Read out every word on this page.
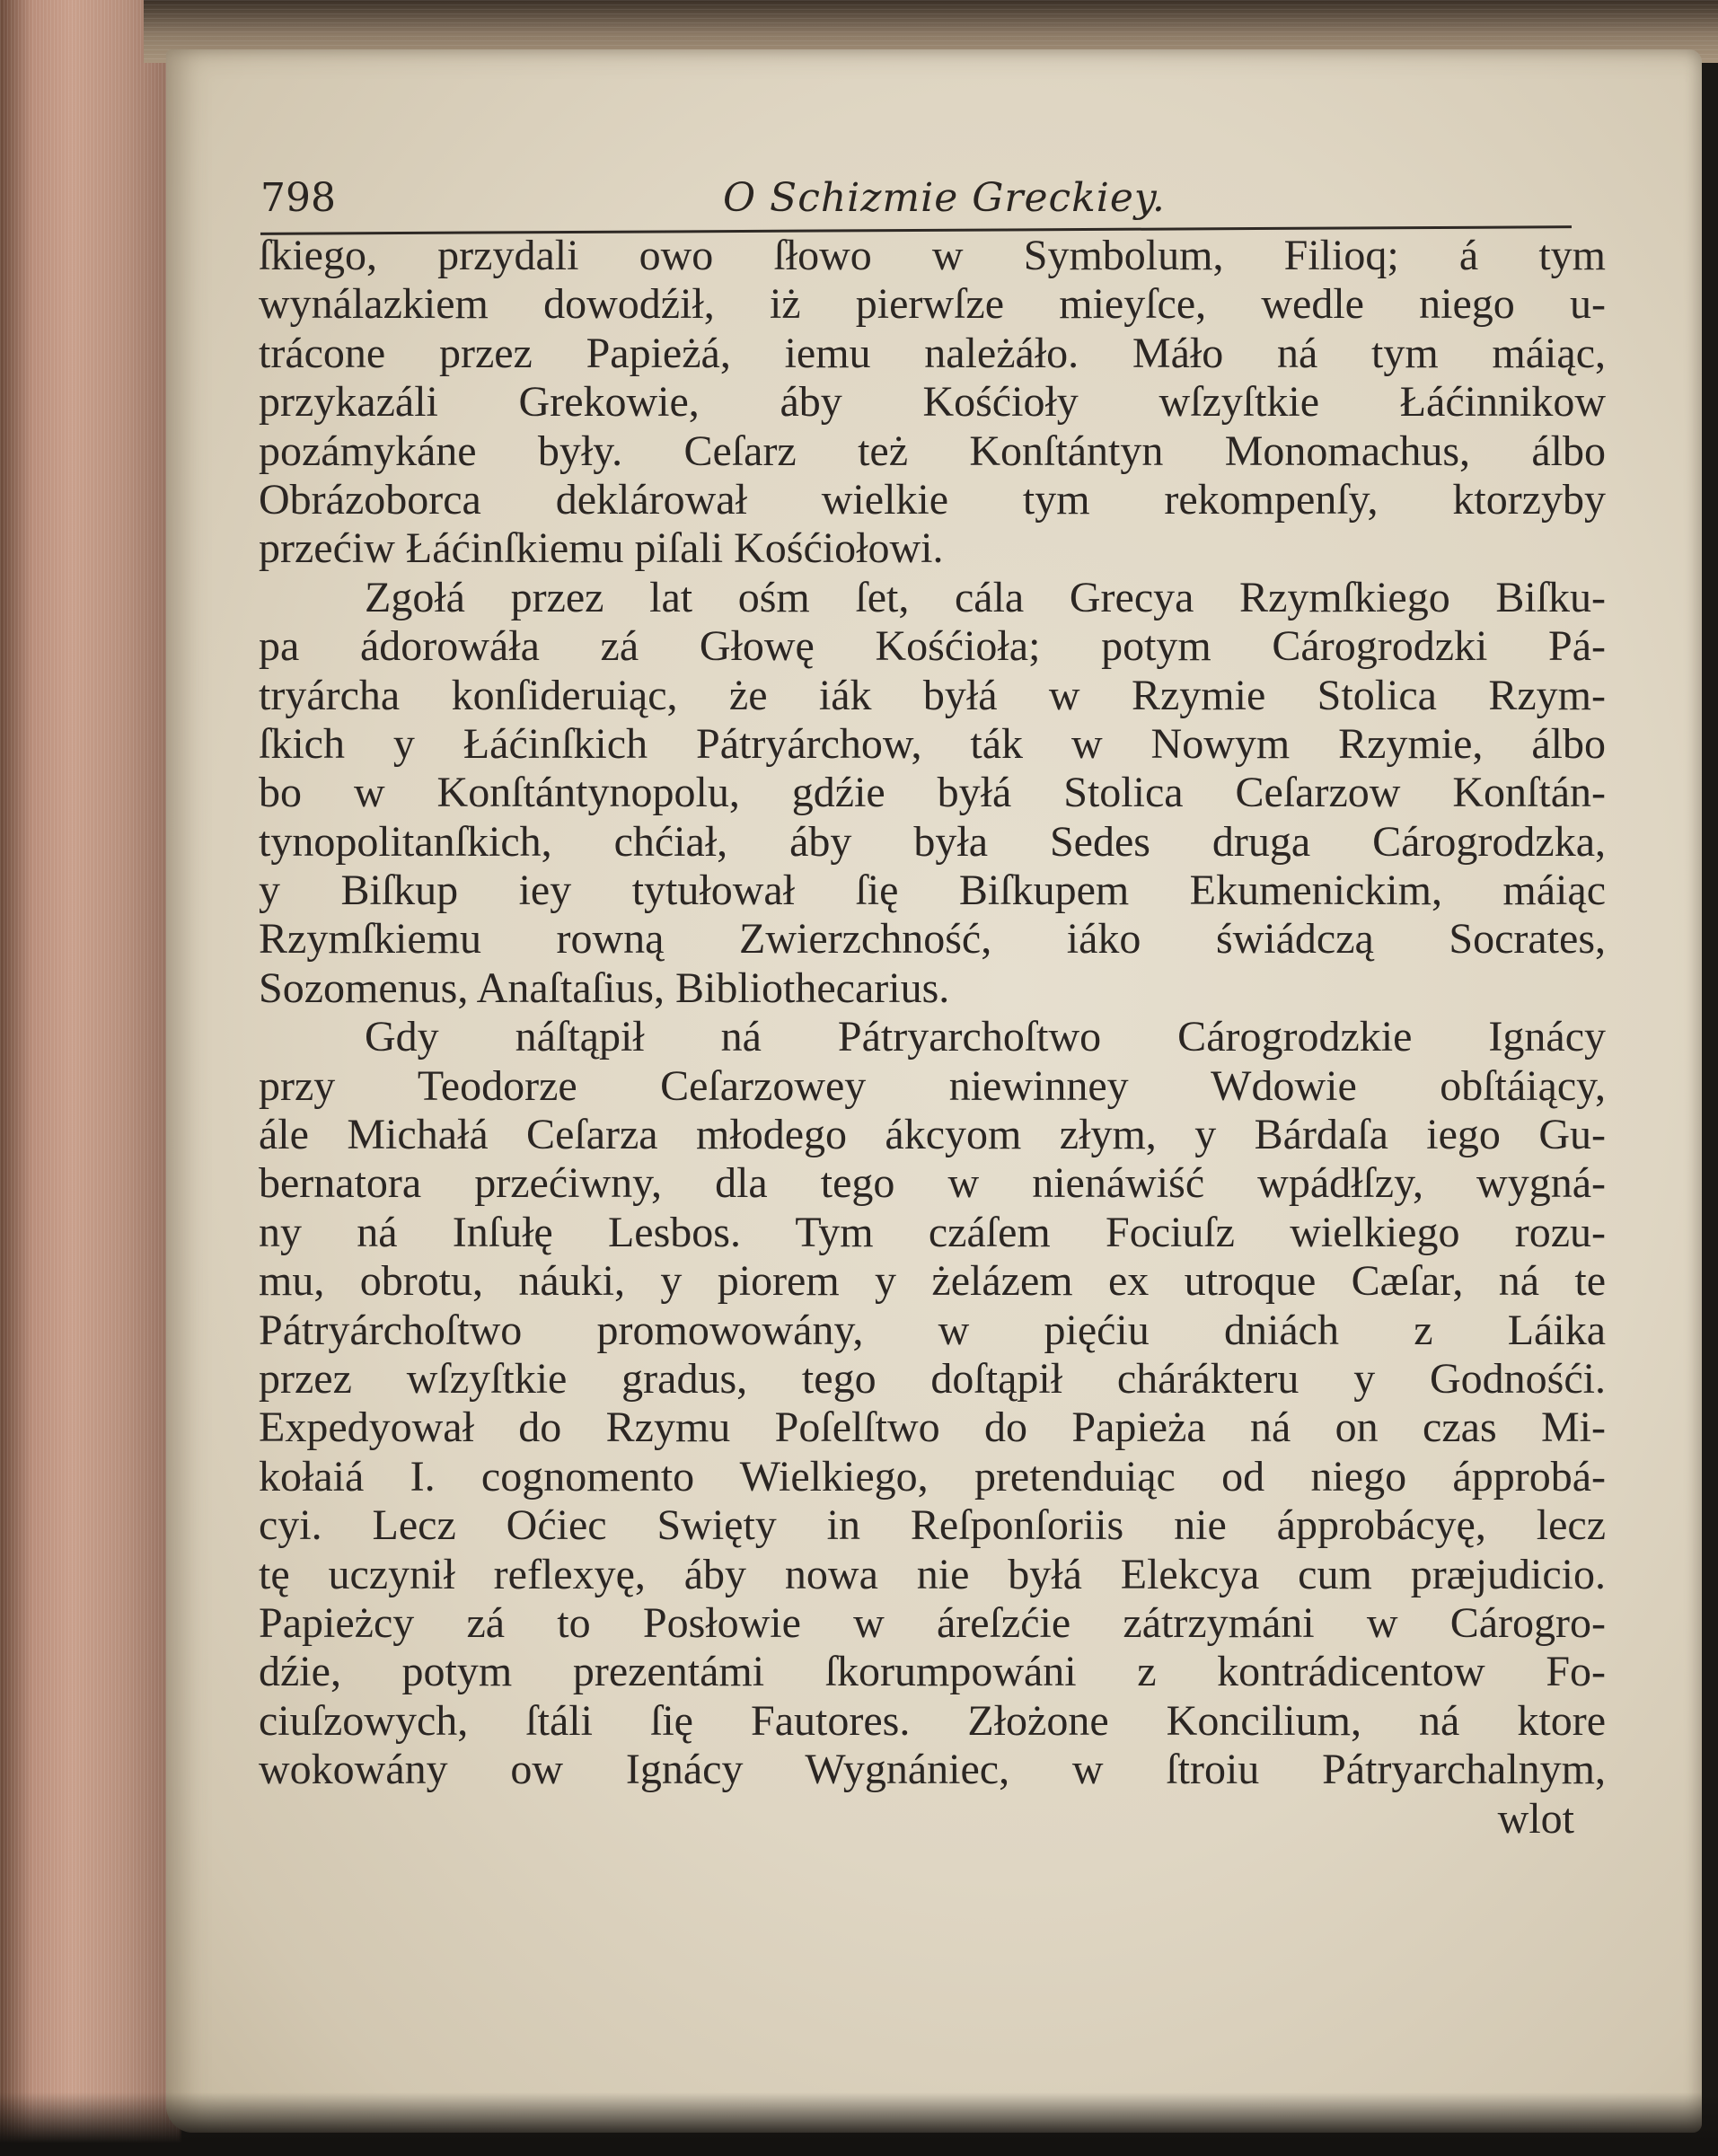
798	O Schizmie Greckiey.
ſkiego, przydali owo ſłowo w Symbolum, Filioq; á tym
wynálazkiem dowodźił, iż pierwſze mieyſce, wedle niego u-
trácone przez Papieżá, iemu należáło. Máło ná tym máiąc,
przykazáli Grekowie, áby Kośćioły wſzyſtkie Łáćinnikow
pozámykáne były. Ceſarz też Konſtántyn Monomachus, álbo
Obrázoborca deklárował wielkie tym rekompenſy, ktorzyby
przećiw Łáćinſkiemu piſali Kośćiołowi.
Zgołá przez lat ośm ſet, cála Grecya Rzymſkiego Biſku-
pa ádorowáła zá Głowę Kośćioła; potym Cárogrodzki Pá-
tryárcha konſideruiąc, że iák byłá w Rzymie Stolica Rzym-
ſkich y Łáćinſkich Pátryárchow, ták w Nowym Rzymie, álbo
bo w Konſtántynopolu, gdźie byłá Stolica Ceſarzow Konſtán-
tynopolitanſkich, chćiał, áby była Sedes druga Cárogrodzka,
y Biſkup iey tytułował ſię Biſkupem Ekumenickim, máiąc
Rzymſkiemu rowną Zwierzchność, iáko świádczą Socrates,
Sozomenus, Anaſtaſius, Bibliothecarius.
Gdy náſtąpił ná Pátryarchoſtwo Cárogrodzkie Ignácy
przy Teodorze Ceſarzowey niewinney Wdowie obſtáiący,
ále Michałá Ceſarza młodego ákcyom złym, y Bárdaſa iego Gu-
bernatora przećiwny, dla tego w nienáwiść wpádłſzy, wygná-
ny ná Inſułę Lesbos. Tym czáſem Fociuſz wielkiego rozu-
mu, obrotu, náuki, y piorem y żelázem ex utroque Cæſar, ná te
Pátryárchoſtwo promowowány, w pięćiu dniách z Láika
przez wſzyſtkie gradus, tego doſtąpił chárákteru y Godnośći.
Expedyował do Rzymu Poſelſtwo do Papieża ná on czas Mi-
kołaiá I. cognomento Wielkiego, pretenduiąc od niego ápprobá-
cyi. Lecz Oćiec Swięty in Reſponſoriis nie ápprobácyę, lecz
tę uczynił reflexyę, áby nowa nie byłá Elekcya cum præjudicio.
Papieżcy zá to Posłowie w áreſzćie zátrzymáni w Cárogro-
dźie, potym prezentámi ſkorumpowáni z kontrádicentow Fo-
ciuſzowych, ſtáli ſię Fautores. Złożone Koncilium, ná ktore
wokowány ow Ignácy Wygnániec, w ſtroiu Pátryarchalnym,
wlot
